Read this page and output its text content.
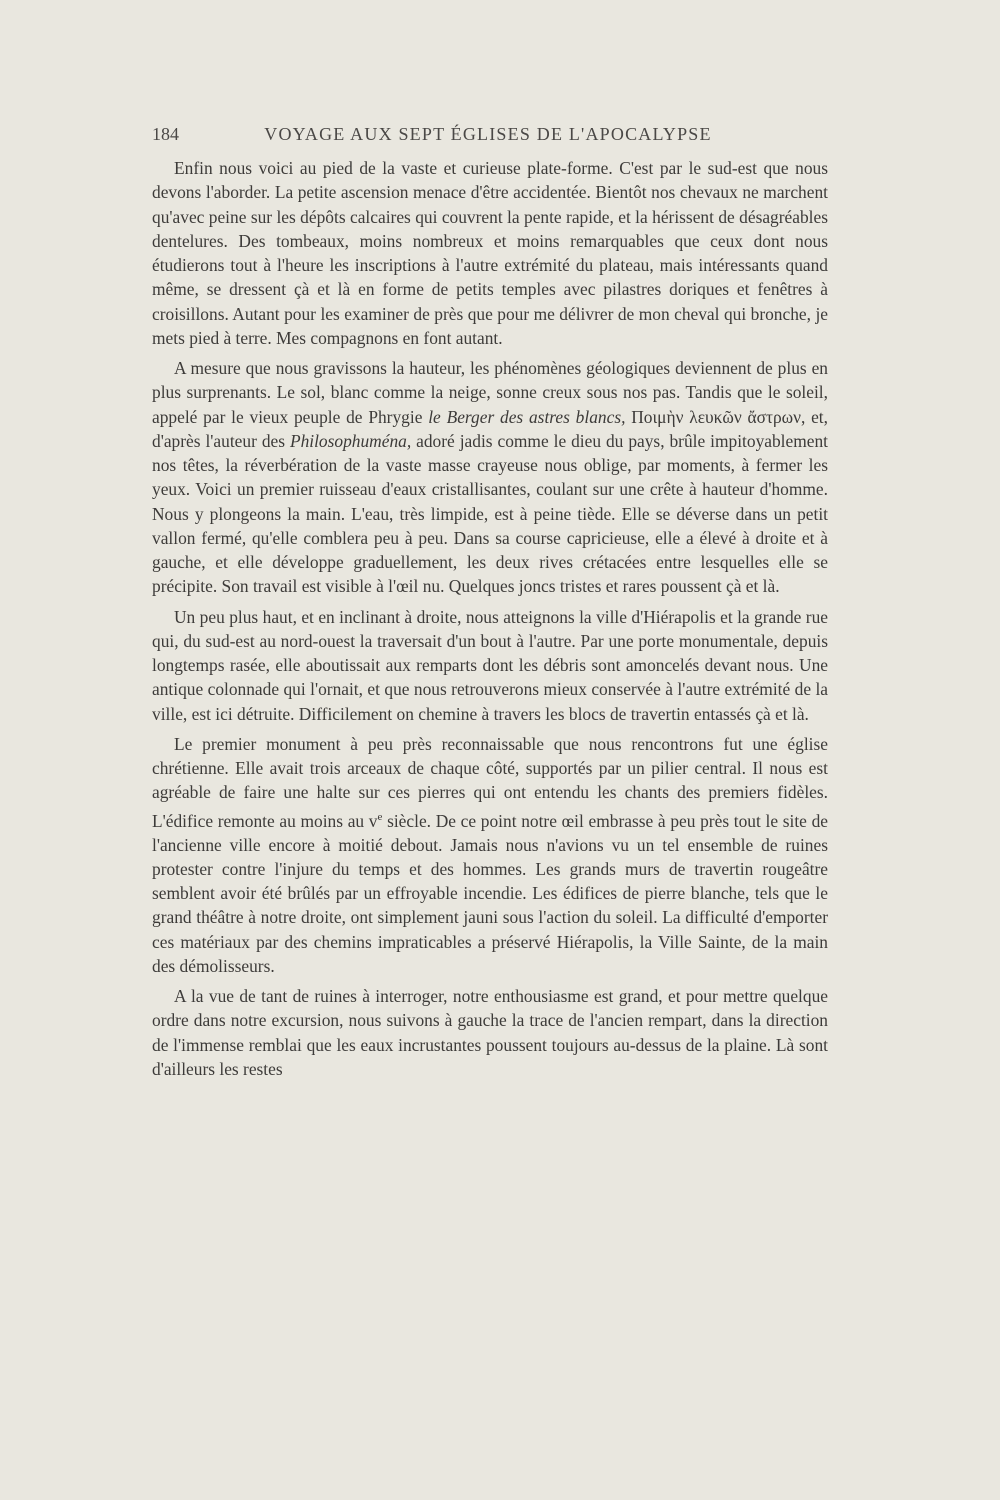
184	VOYAGE AUX SEPT ÉGLISES DE L'APOCALYPSE

Enfin nous voici au pied de la vaste et curieuse plate-forme. C'est par le sud-est que nous devons l'aborder. La petite ascension menace d'être accidentée. Bientôt nos chevaux ne marchent qu'avec peine sur les dépôts calcaires qui couvrent la pente rapide, et la hérissent de désagréables dentelures. Des tombeaux, moins nombreux et moins remarquables que ceux dont nous étudierons tout à l'heure les inscriptions à l'autre extrémité du plateau, mais intéressants quand même, se dressent çà et là en forme de petits temples avec pilastres doriques et fenêtres à croisillons. Autant pour les examiner de près que pour me délivrer de mon cheval qui bronche, je mets pied à terre. Mes compagnons en font autant.

A mesure que nous gravissons la hauteur, les phénomènes géologiques deviennent de plus en plus surprenants. Le sol, blanc comme la neige, sonne creux sous nos pas. Tandis que le soleil, appelé par le vieux peuple de Phrygie le Berger des astres blancs, Ποιμὴν λευκῶν ἄστρων, et, d'après l'auteur des Philosophuména, adoré jadis comme le dieu du pays, brûle impitoyablement nos têtes, la réverbération de la vaste masse crayeuse nous oblige, par moments, à fermer les yeux. Voici un premier ruisseau d'eaux cristallisantes, coulant sur une crête à hauteur d'homme. Nous y plongeons la main. L'eau, très limpide, est à peine tiède. Elle se déverse dans un petit vallon fermé, qu'elle comblera peu à peu. Dans sa course capricieuse, elle a élevé à droite et à gauche, et elle développe graduellement, les deux rives crétacées entre lesquelles elle se précipite. Son travail est visible à l'œil nu. Quelques joncs tristes et rares poussent çà et là.

Un peu plus haut, et en inclinant à droite, nous atteignons la ville d'Hiérapolis et la grande rue qui, du sud-est au nord-ouest la traversait d'un bout à l'autre. Par une porte monumentale, depuis longtemps rasée, elle aboutissait aux remparts dont les débris sont amoncelés devant nous. Une antique colonnade qui l'ornait, et que nous retrouverons mieux conservée à l'autre extrémité de la ville, est ici détruite. Difficilement on chemine à travers les blocs de travertin entassés çà et là.

Le premier monument à peu près reconnaissable que nous rencontrons fut une église chrétienne. Elle avait trois arceaux de chaque côté, supportés par un pilier central. Il nous est agréable de faire une halte sur ces pierres qui ont entendu les chants des premiers fidèles. L'édifice remonte au moins au $v^e$ siècle. De ce point notre œil embrasse à peu près tout le site de l'ancienne ville encore à moitié debout. Jamais nous n'avions vu un tel ensemble de ruines protester contre l'injure du temps et des hommes. Les grands murs de travertin rougeâtre semblent avoir été brûlés par un effroyable incendie. Les édifices de pierre blanche, tels que le grand théâtre à notre droite, ont simplement jauni sous l'action du soleil. La difficulté d'emporter ces matériaux par des chemins impraticables a préservé Hiérapolis, la Ville Sainte, de la main des démolisseurs.

A la vue de tant de ruines à interroger, notre enthousiasme est grand, et pour mettre quelque ordre dans notre excursion, nous suivons à gauche la trace de l'ancien rempart, dans la direction de l'immense remblai que les eaux incrustantes poussent toujours au-dessus de la plaine. Là sont d'ailleurs les restes
